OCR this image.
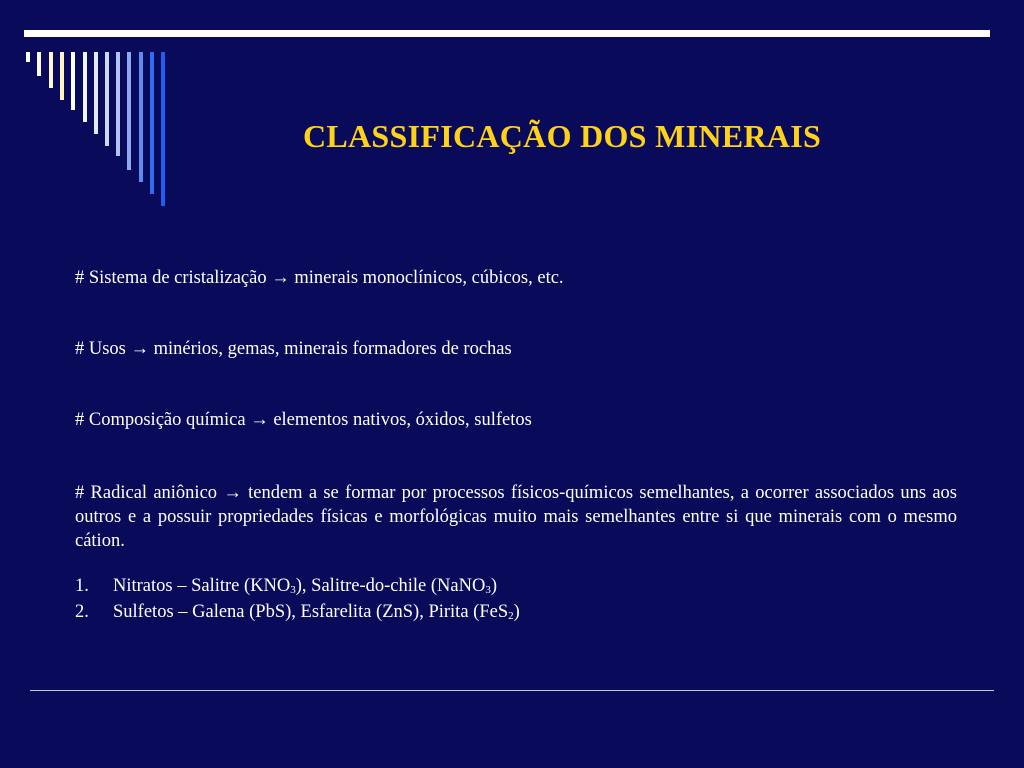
CLASSIFICAÇÃO DOS MINERAIS

# Sistema de cristalização → minerais monoclínicos, cúbicos, etc.

# Usos → minérios, gemas, minerais formadores de rochas

# Composição química → elementos nativos, óxidos, sulfetos

# Radical aniônico → tendem a se formar por processos físicos-químicos semelhantes, a ocorrer associados uns aos outros e a possuir propriedades físicas e morfológicas muito mais semelhantes entre si que minerais com o mesmo cátion.

1.	Nitratos – Salitre $(KNO_3)$, Salitre-do-chile (NaNO$_3$)
2.	Sulfetos – Galena (PbS), Esfarelita (ZnS), Pirita (FeS$_2$)
